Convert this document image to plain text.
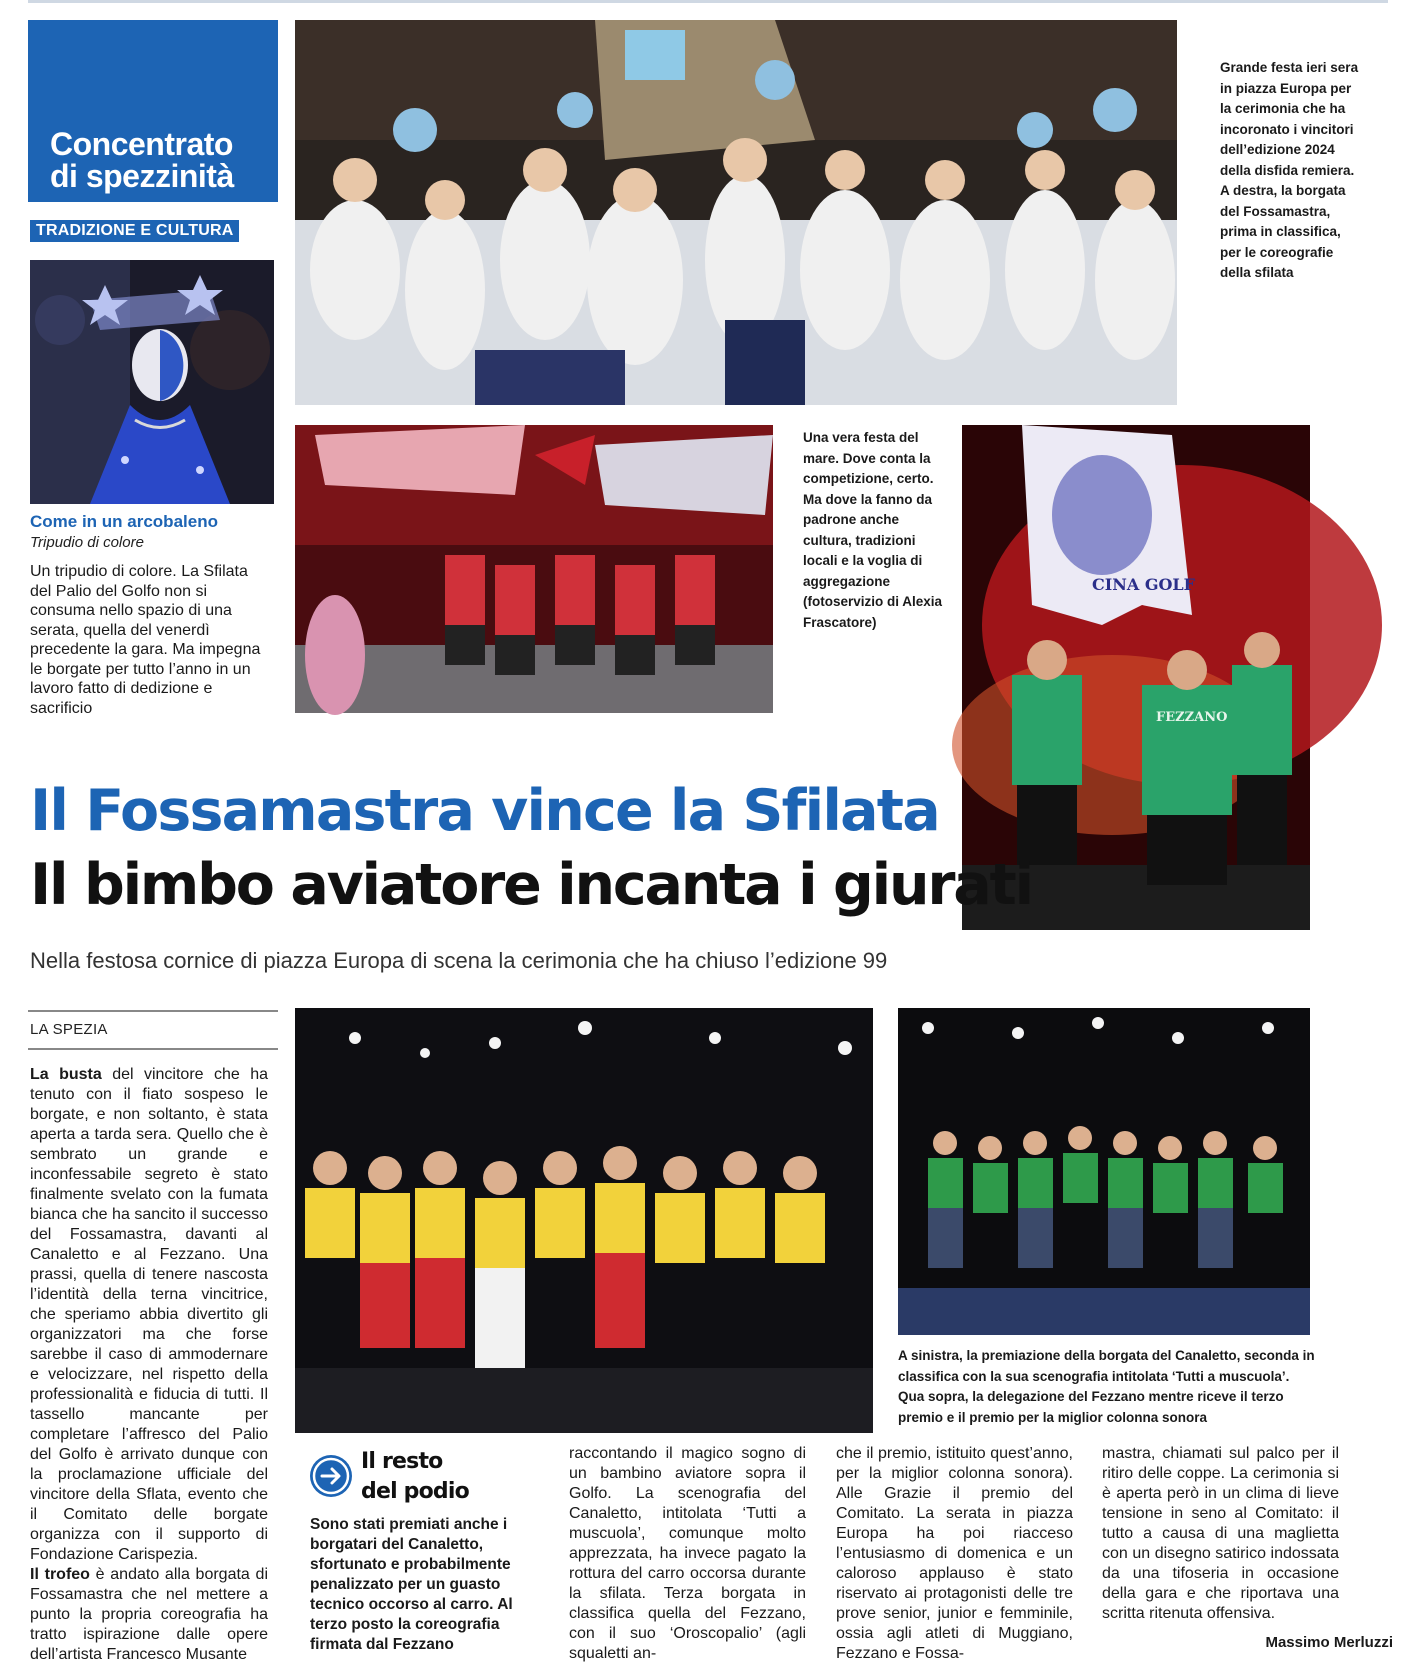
Concentrato
di spezzinità
TRADIZIONE E CULTURA
Come in un arcobaleno
Tripudio di colore
Un tripudio di colore. La Sfilata del Palio del Golfo non si consuma nello spazio di una serata, quella del venerdì precedente la gara. Ma impegna le borgate per tutto l’anno in un lavoro fatto di dedizione e sacrificio
Grande festa ieri sera in piazza Europa per la cerimonia che ha incoronato i vincitori dell’edizione 2024 della disfida remiera. A destra, la borgata del Fossamastra, prima in classifica, per le coreografie della sfilata
Una vera festa del mare. Dove conta la competizione, certo. Ma dove la fanno da padrone anche cultura, tradizioni locali e la voglia di aggregazione (fotoservizio di Alexia Frascatore)
CINA GOLF
FEZZANO
Il Fossamastra vince la Sfilata
Il bimbo aviatore incanta i giurati
Nella festosa cornice di piazza Europa di scena la cerimonia che ha chiuso l’edizione 99
LA SPEZIA
La busta del vincitore che ha tenuto con il fiato sospeso le borgate, e non soltanto, è stata aperta a tarda sera. Quello che è sembrato un grande e inconfessabile segreto è stato finalmente svelato con la fumata bianca che ha sancito il successo del Fossamastra, davanti al Canaletto e al Fezzano. Una prassi, quella di tenere nascosta l’identità della terna vincitrice, che speriamo abbia divertito gli organizzatori ma che forse sarebbe il caso di ammodernare e velocizzare, nel rispetto della professionalità e fiducia di tutti. Il tassello mancante per completare l’affresco del Palio del Golfo è arrivato dunque con la proclamazione ufficiale del vincitore della Sflata, evento che il Comitato delle borgate organizza con il supporto di Fondazione Carispezia.
Il trofeo è andato alla borgata di Fossamastra che nel mettere a punto la propria coreografia ha tratto ispirazione dalle opere dell’artista Francesco Musante
A sinistra, la premiazione della borgata del Canaletto, seconda in classifica con la sua scenografia intitolata ‘Tutti a muscuola’. Qua sopra, la delegazione del Fezzano mentre riceve il terzo premio e il premio per la miglior colonna sonora
Il resto
del podio
Sono stati premiati anche i borgatari del Canaletto, sfortunato e probabilmente penalizzato per un guasto tecnico occorso al carro. Al terzo posto la coreografia firmata dal Fezzano
raccontando il magico sogno di un bambino aviatore sopra il Golfo. La scenografia del Canaletto, intitolata ‘Tutti a muscuola’, comunque molto apprezzata, ha invece pagato la rottura del carro occorsa durante la sfilata. Terza borgata in classifica quella del Fezzano, con il suo ‘Oroscopalio’ (agli squaletti an-
che il premio, istituito quest’anno, per la miglior colonna sonora). Alle Grazie il premio del Comitato. La serata in piazza Europa ha poi riacceso l’entusiasmo di domenica e un caloroso applauso è stato riservato ai protagonisti delle tre prove senior, junior e femminile, ossia agli atleti di Muggiano, Fezzano e Fossa-
mastra, chiamati sul palco per il ritiro delle coppe. La cerimonia si è aperta però in un clima di lieve tensione in seno al Comitato: il tutto a causa di una maglietta con un disegno satirico indossata da una tifoseria in occasione della gara e che riportava una scritta ritenuta offensiva.
Massimo Merluzzi
